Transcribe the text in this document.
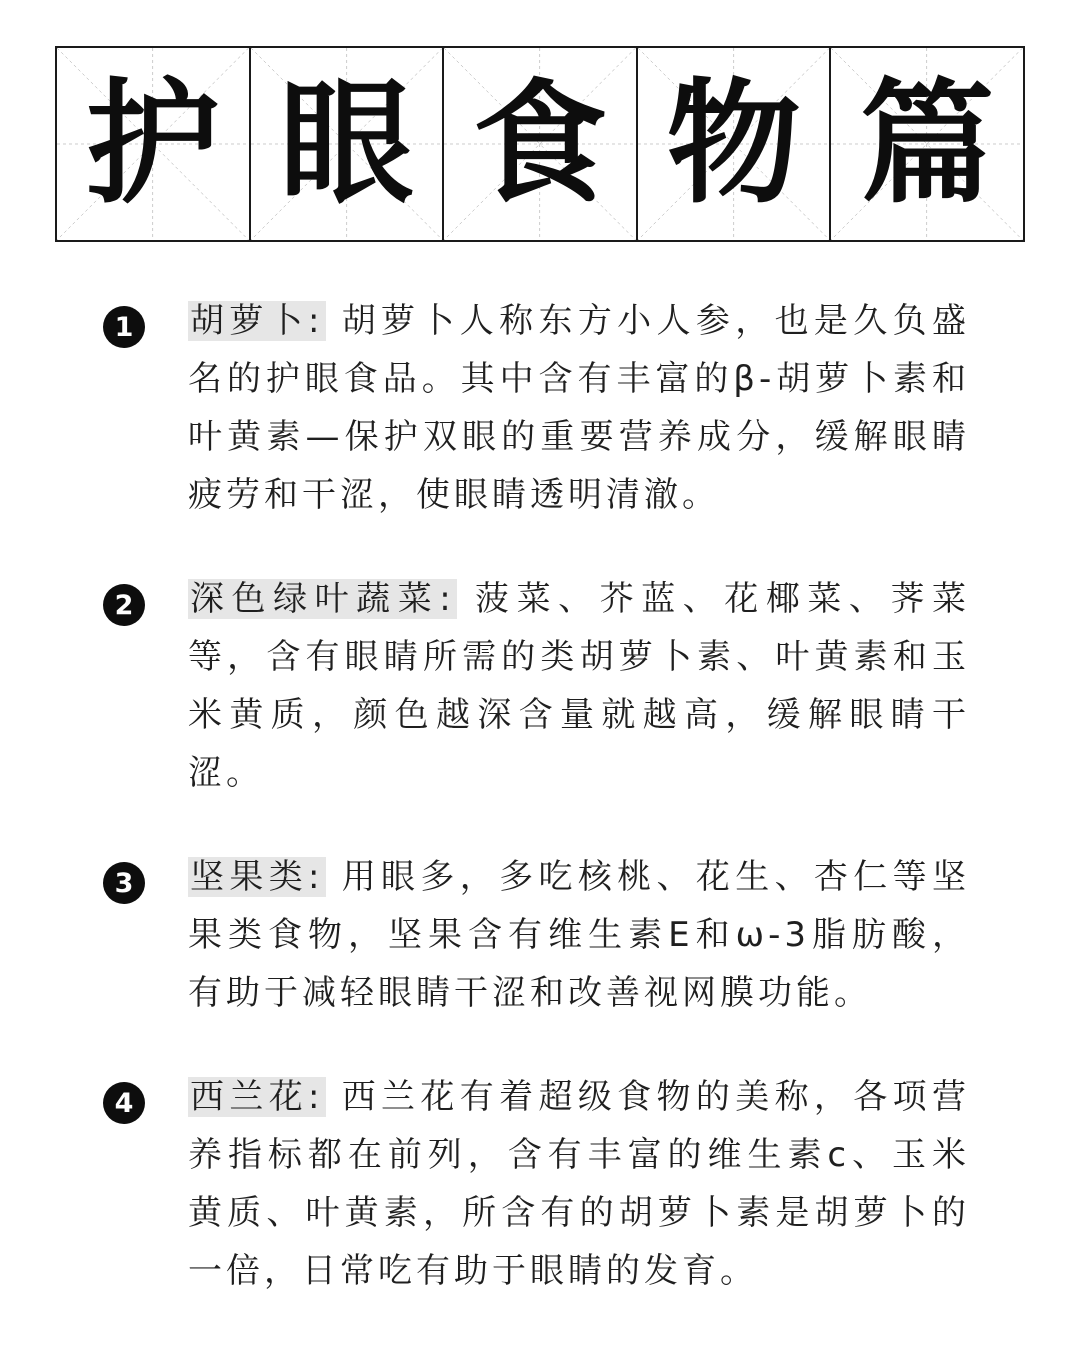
护 眼 食 物 篇
1	胡萝卜: 胡萝卜人称东方小人参，也是久负盛名的护眼食品。其中含有丰富的β-胡萝卜素和叶黄素—保护双眼的重要营养成分，缓解眼睛疲劳和干涩，使眼睛透明清澈。
2	深色绿叶蔬菜: 菠菜、芥蓝、花椰菜、荠菜等，含有眼睛所需的类胡萝卜素、叶黄素和玉米黄质，颜色越深含量就越高，缓解眼睛干涩。
3	坚果类: 用眼多，多吃核桃、花生、杏仁等坚果类食物，坚果含有维生素E和ω-3脂肪酸，有助于减轻眼睛干涩和改善视网膜功能。
4	西兰花: 西兰花有着超级食物的美称，各项营养指标都在前列，含有丰富的维生素c、玉米黄质、叶黄素，所含有的胡萝卜素是胡萝卜的一倍，日常吃有助于眼睛的发育。
